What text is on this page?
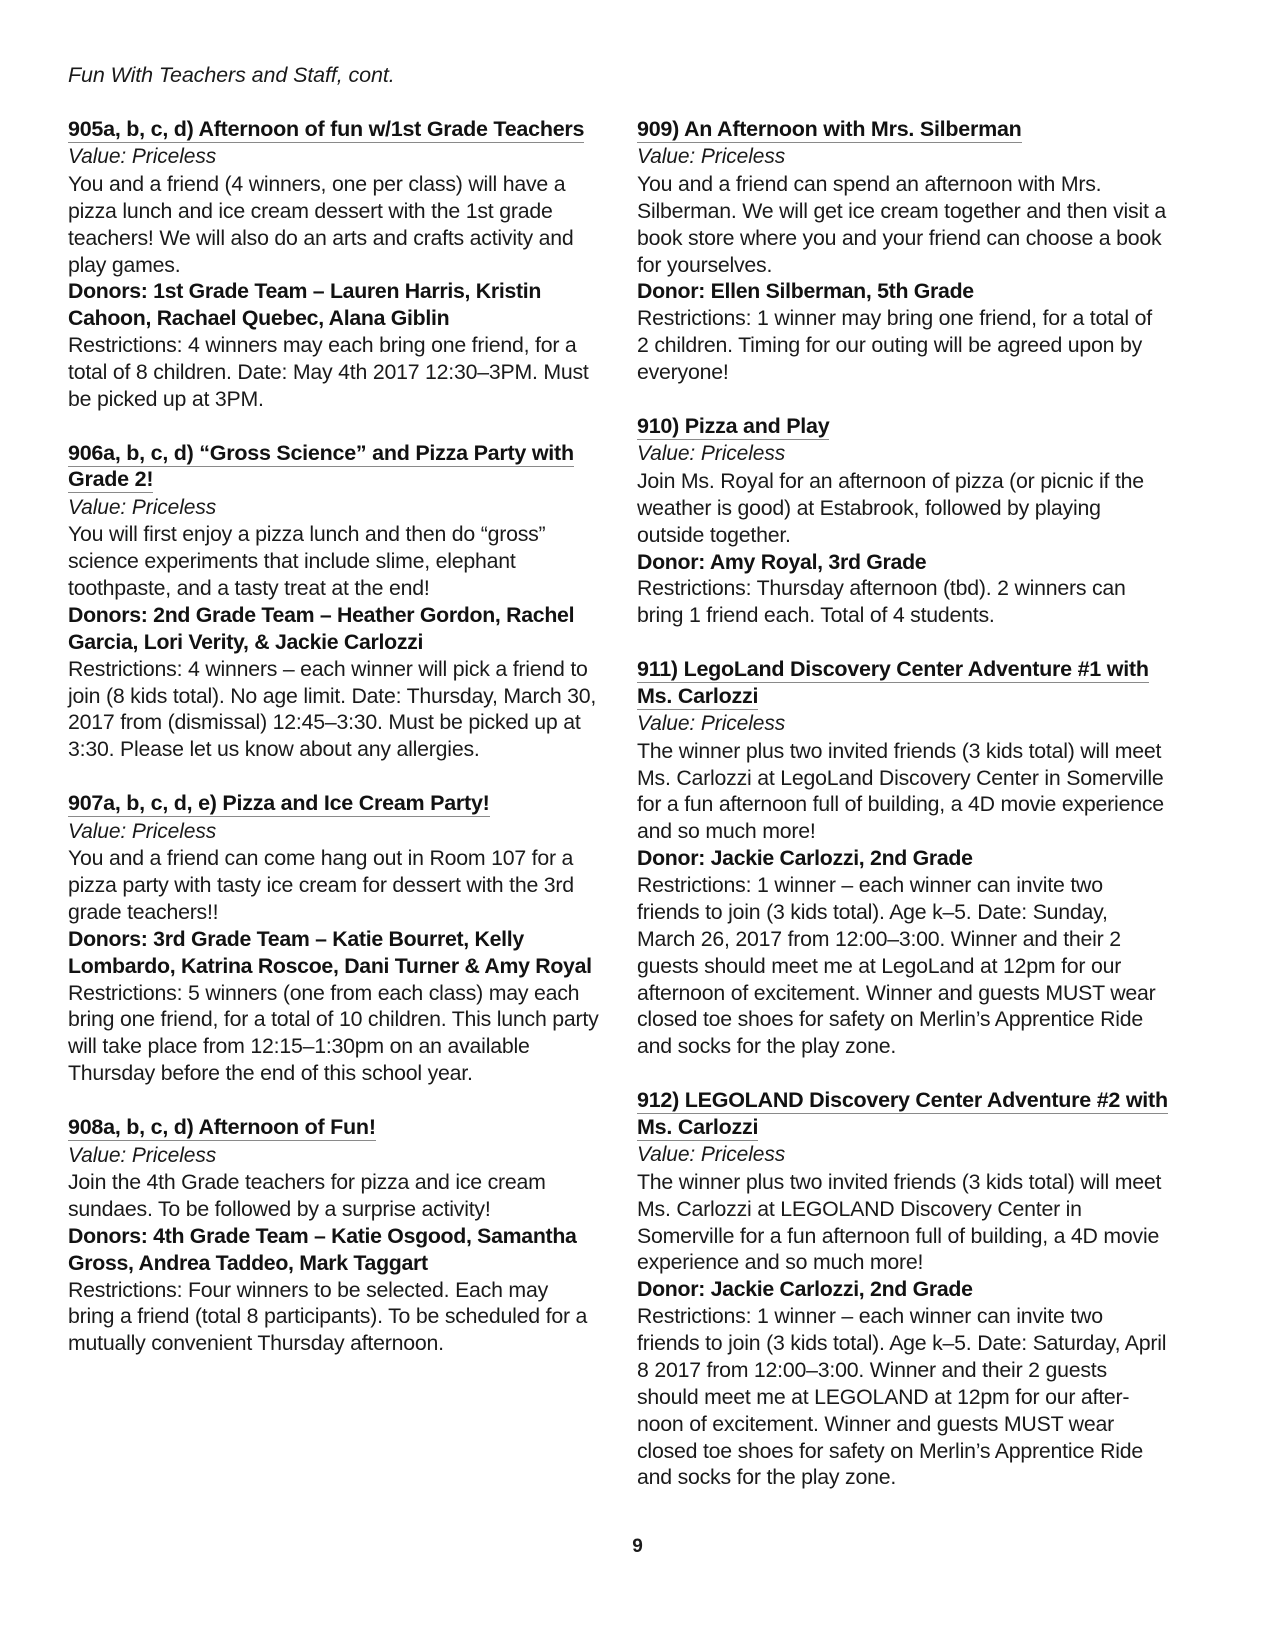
Fun With Teachers and Staff, cont.
905a, b, c, d) Afternoon of fun w/1st Grade Teachers
Value: Priceless
You and a friend (4 winners, one per class) will have a pizza lunch and ice cream dessert with the 1st grade teachers! We will also do an arts and crafts activity and play games.
Donors: 1st Grade Team – Lauren Harris, Kristin Cahoon, Rachael Quebec, Alana Giblin
Restrictions: 4 winners may each bring one friend, for a total of 8 children. Date: May 4th 2017 12:30–3PM. Must be picked up at 3PM.
906a, b, c, d) “Gross Science” and Pizza Party with Grade 2!
Value: Priceless
You will first enjoy a pizza lunch and then do “gross” science experiments that include slime, elephant toothpaste, and a tasty treat at the end!
Donors: 2nd Grade Team – Heather Gordon, Rachel Garcia, Lori Verity, & Jackie Carlozzi
Restrictions: 4 winners – each winner will pick a friend to join (8 kids total). No age limit. Date: Thursday, March 30, 2017 from (dismissal) 12:45–3:30. Must be picked up at 3:30. Please let us know about any allergies.
907a, b, c, d, e) Pizza and Ice Cream Party!
Value: Priceless
You and a friend can come hang out in Room 107 for a pizza party with tasty ice cream for dessert with the 3rd grade teachers!!
Donors: 3rd Grade Team – Katie Bourret, Kelly Lombardo, Katrina Roscoe, Dani Turner & Amy Royal
Restrictions: 5 winners (one from each class) may each bring one friend, for a total of 10 children. This lunch party will take place from 12:15–1:30pm on an available Thursday before the end of this school year.
908a, b, c, d) Afternoon of Fun!
Value: Priceless
Join the 4th Grade teachers for pizza and ice cream sundaes. To be followed by a surprise activity!
Donors: 4th Grade Team – Katie Osgood, Samantha Gross, Andrea Taddeo, Mark Taggart
Restrictions: Four winners to be selected. Each may bring a friend (total 8 participants). To be scheduled for a mutually convenient Thursday afternoon.
909) An Afternoon with Mrs. Silberman
Value: Priceless
You and a friend can spend an afternoon with Mrs. Silberman. We will get ice cream together and then visit a book store where you and your friend can choose a book for yourselves.
Donor: Ellen Silberman, 5th Grade
Restrictions: 1 winner may bring one friend, for a total of 2 children. Timing for our outing will be agreed upon by everyone!
910) Pizza and Play
Value: Priceless
Join Ms. Royal for an afternoon of pizza (or picnic if the weather is good) at Estabrook, followed by playing outside together.
Donor: Amy Royal, 3rd Grade
Restrictions: Thursday afternoon (tbd). 2 winners can bring 1 friend each. Total of 4 students.
911) LegoLand Discovery Center Adventure #1 with Ms. Carlozzi
Value: Priceless
The winner plus two invited friends (3 kids total) will meet Ms. Carlozzi at LegoLand Discovery Center in Somerville for a fun afternoon full of building, a 4D movie experience and so much more!
Donor: Jackie Carlozzi, 2nd Grade
Restrictions: 1 winner – each winner can invite two friends to join (3 kids total). Age k–5. Date: Sunday, March 26, 2017 from 12:00–3:00. Winner and their 2 guests should meet me at LegoLand at 12pm for our afternoon of excitement. Winner and guests MUST wear closed toe shoes for safety on Merlin’s Apprentice Ride and socks for the play zone.
912) LEGOLAND Discovery Center Adventure #2 with Ms. Carlozzi
Value: Priceless
The winner plus two invited friends (3 kids total) will meet Ms. Carlozzi at LEGOLAND Discovery Center in Somerville for a fun afternoon full of building, a 4D movie experience and so much more!
Donor: Jackie Carlozzi, 2nd Grade
Restrictions: 1 winner – each winner can invite two friends to join (3 kids total). Age k–5. Date: Saturday, April 8 2017 from 12:00–3:00. Winner and their 2 guests should meet me at LEGOLAND at 12pm for our after-noon of excitement. Winner and guests MUST wear closed toe shoes for safety on Merlin’s Apprentice Ride and socks for the play zone.
9
